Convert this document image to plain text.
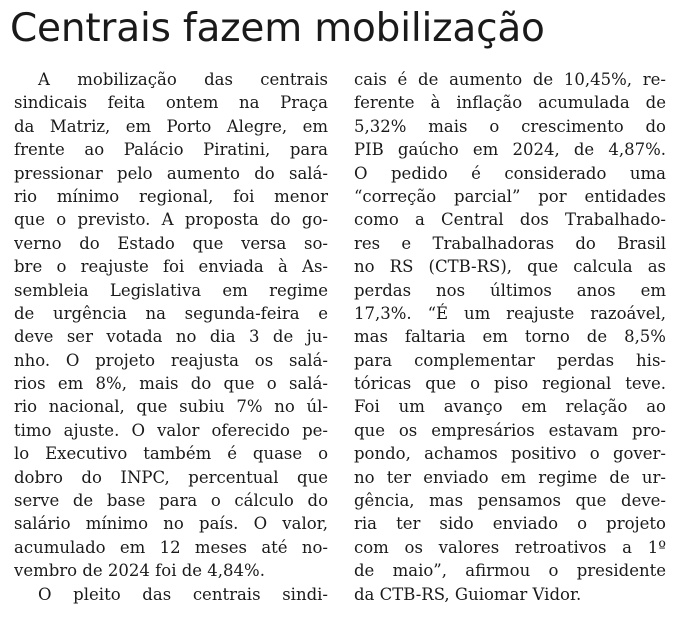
Centrais fazem mobilização
A mobilização das centrais
sindicais feita ontem na Praça
da Matriz, em Porto Alegre, em
frente ao Palácio Piratini, para
pressionar pelo aumento do salá-
rio mínimo regional, foi menor
que o previsto. A proposta do go-
verno do Estado que versa so-
bre o reajuste foi enviada à As-
sembleia Legislativa em regime
de urgência na segunda-feira e
deve ser votada no dia 3 de ju-
nho. O projeto reajusta os salá-
rios em 8%, mais do que o salá-
rio nacional, que subiu 7% no úl-
timo ajuste. O valor oferecido pe-
lo Executivo também é quase o
dobro do INPC, percentual que
serve de base para o cálculo do
salário mínimo no país. O valor,
acumulado em 12 meses até no-
vembro de 2024 foi de 4,84%.
O pleito das centrais sindi-
cais é de aumento de 10,45%, re-
ferente à inflação acumulada de
5,32% mais o crescimento do
PIB gaúcho em 2024, de 4,87%.
O pedido é considerado uma
“correção parcial” por entidades
como a Central dos Trabalhado-
res e Trabalhadoras do Brasil
no RS (CTB-RS), que calcula as
perdas nos últimos anos em
17,3%. “É um reajuste razoável,
mas faltaria em torno de 8,5%
para complementar perdas his-
tóricas que o piso regional teve.
Foi um avanço em relação ao
que os empresários estavam pro-
pondo, achamos positivo o gover-
no ter enviado em regime de ur-
gência, mas pensamos que deve-
ria ter sido enviado o projeto
com os valores retroativos a 1º
de maio”, afirmou o presidente
da CTB-RS, Guiomar Vidor.
